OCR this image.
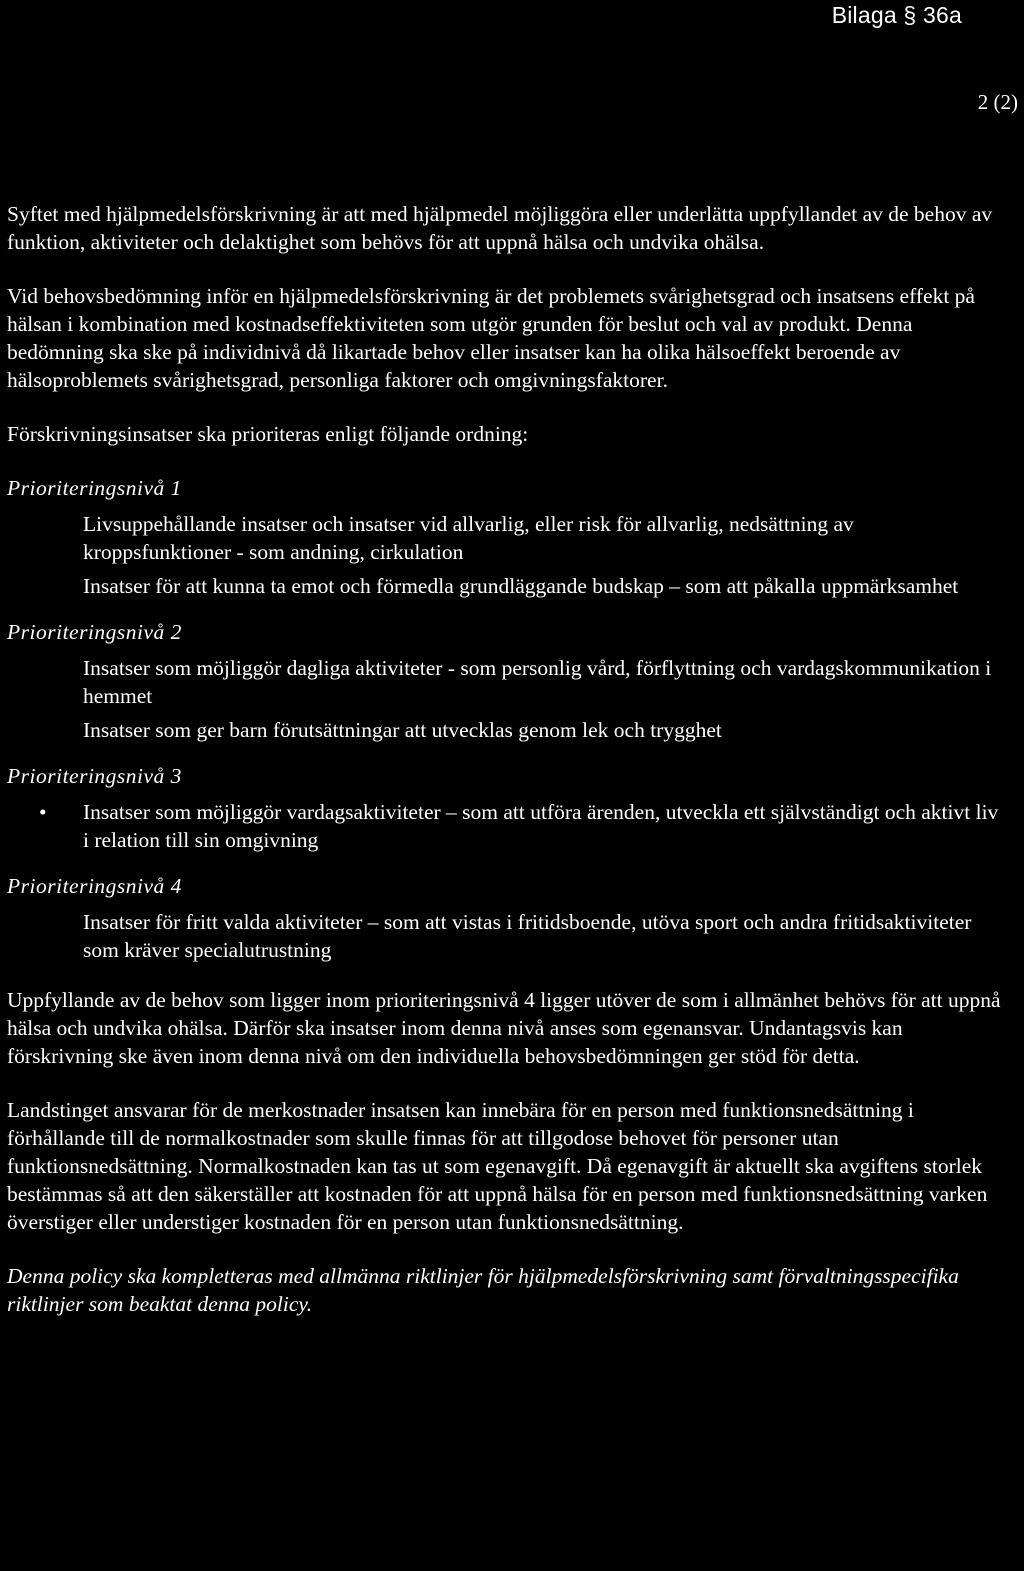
Bilaga § 36a
2 (2)

Syftet med hjälpmedelsförskrivning är att med hjälpmedel möjliggöra eller underlätta uppfyllandet av de behov av funktion, aktiviteter och delaktighet som behövs för att uppnå hälsa och undvika ohälsa.

Vid behovsbedömning inför en hjälpmedelsförskrivning är det problemets svårighetsgrad och insatsens effekt på hälsan i kombination med kostnadseffektiviteten som utgör grunden för beslut och val av produkt. Denna bedömning ska ske på individnivå då likartade behov eller insatser kan ha olika hälsoeffekt beroende av hälsoproblemets svårighetsgrad, personliga faktorer och omgivningsfaktorer.

Förskrivningsinsatser ska prioriteras enligt följande ordning:

Prioriteringsnivå 1
Livsuppehållande insatser och insatser vid allvarlig, eller risk för allvarlig, nedsättning av kroppsfunktioner - som andning, cirkulation
Insatser för att kunna ta emot och förmedla grundläggande budskap – som att påkalla uppmärksamhet
Prioriteringsnivå 2
Insatser som möjliggör dagliga aktiviteter - som personlig vård, förflyttning och vardagskommunikation i hemmet
Insatser som ger barn förutsättningar att utvecklas genom lek och trygghet
Prioriteringsnivå 3
• Insatser som möjliggör vardagsaktiviteter – som att utföra ärenden, utveckla ett självständigt och aktivt liv i relation till sin omgivning
Prioriteringsnivå 4
Insatser för fritt valda aktiviteter – som att vistas i fritidsboende, utöva sport och andra fritidsaktiviteter som kräver specialutrustning

Uppfyllande av de behov som ligger inom prioriteringsnivå 4 ligger utöver de som i allmänhet behövs för att uppnå hälsa och undvika ohälsa. Därför ska insatser inom denna nivå anses som egenansvar. Undantagsvis kan förskrivning ske även inom denna nivå om den individuella behovsbedömningen ger stöd för detta.

Landstinget ansvarar för de merkostnader insatsen kan innebära för en person med funktionsnedsättning i förhållande till de normalkostnader som skulle finnas för att tillgodose behovet för personer utan funktionsnedsättning. Normalkostnaden kan tas ut som egenavgift. Då egenavgift är aktuellt ska avgiftens storlek bestämmas så att den säkerställer att kostnaden för att uppnå hälsa för en person med funktionsnedsättning varken överstiger eller understiger kostnaden för en person utan funktionsnedsättning.

Denna policy ska kompletteras med allmänna riktlinjer för hjälpmedelsförskrivning samt förvaltningsspecifika riktlinjer som beaktat denna policy.
